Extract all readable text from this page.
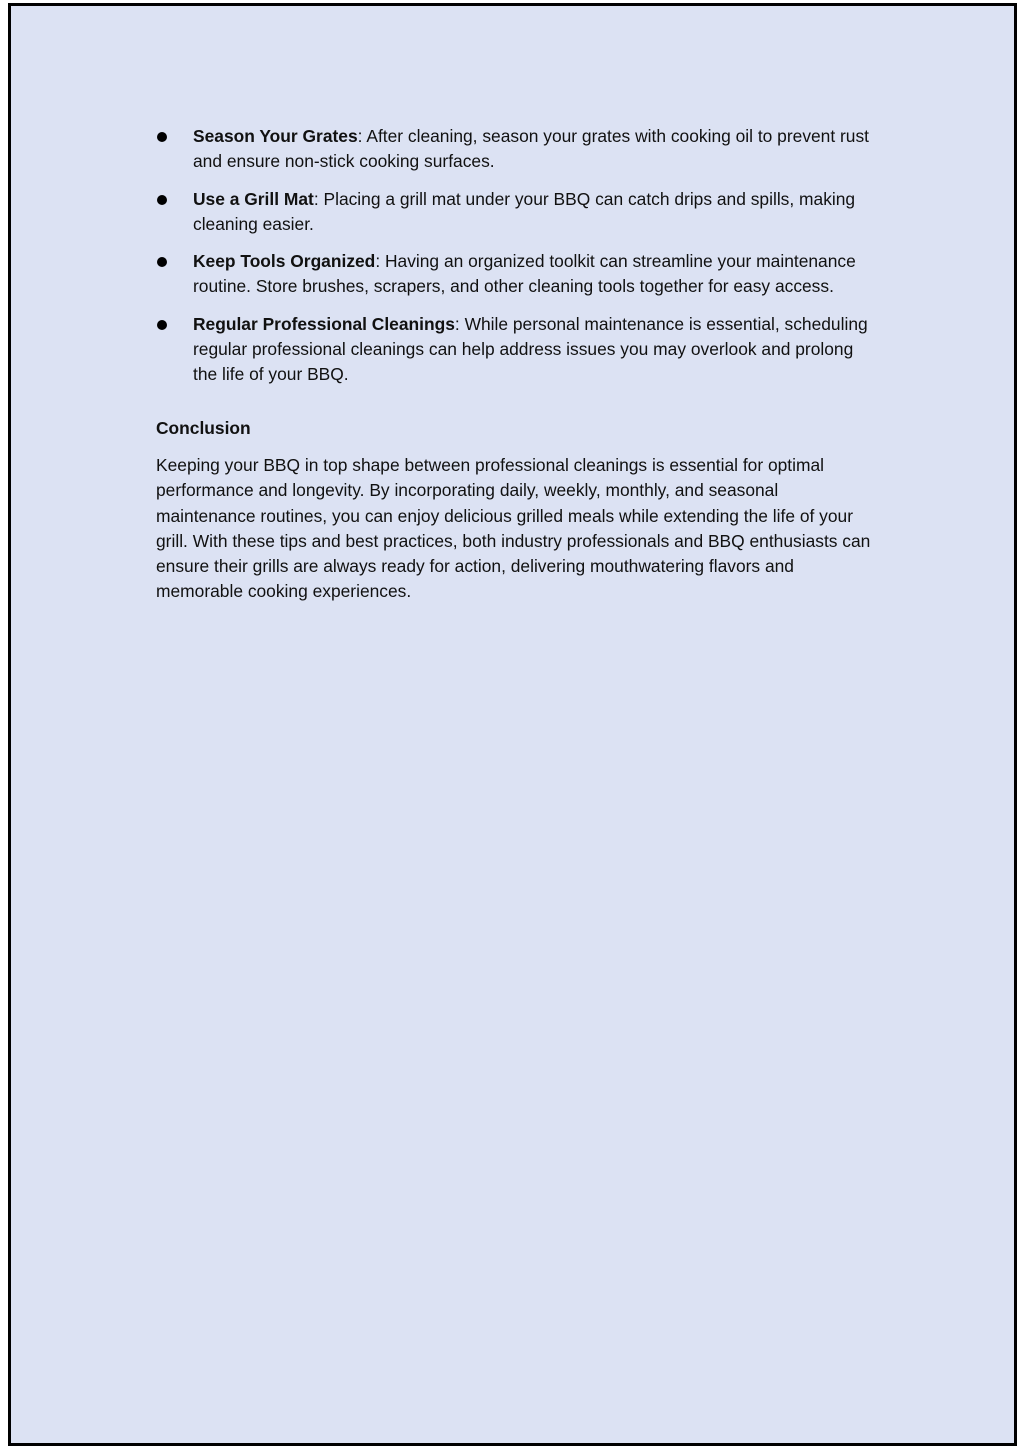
Season Your Grates: After cleaning, season your grates with cooking oil to prevent rust and ensure non-stick cooking surfaces.
Use a Grill Mat: Placing a grill mat under your BBQ can catch drips and spills, making cleaning easier.
Keep Tools Organized: Having an organized toolkit can streamline your maintenance routine. Store brushes, scrapers, and other cleaning tools together for easy access.
Regular Professional Cleanings: While personal maintenance is essential, scheduling regular professional cleanings can help address issues you may overlook and prolong the life of your BBQ.
Conclusion

Keeping your BBQ in top shape between professional cleanings is essential for optimal performance and longevity. By incorporating daily, weekly, monthly, and seasonal maintenance routines, you can enjoy delicious grilled meals while extending the life of your grill. With these tips and best practices, both industry professionals and BBQ enthusiasts can ensure their grills are always ready for action, delivering mouthwatering flavors and memorable cooking experiences.
